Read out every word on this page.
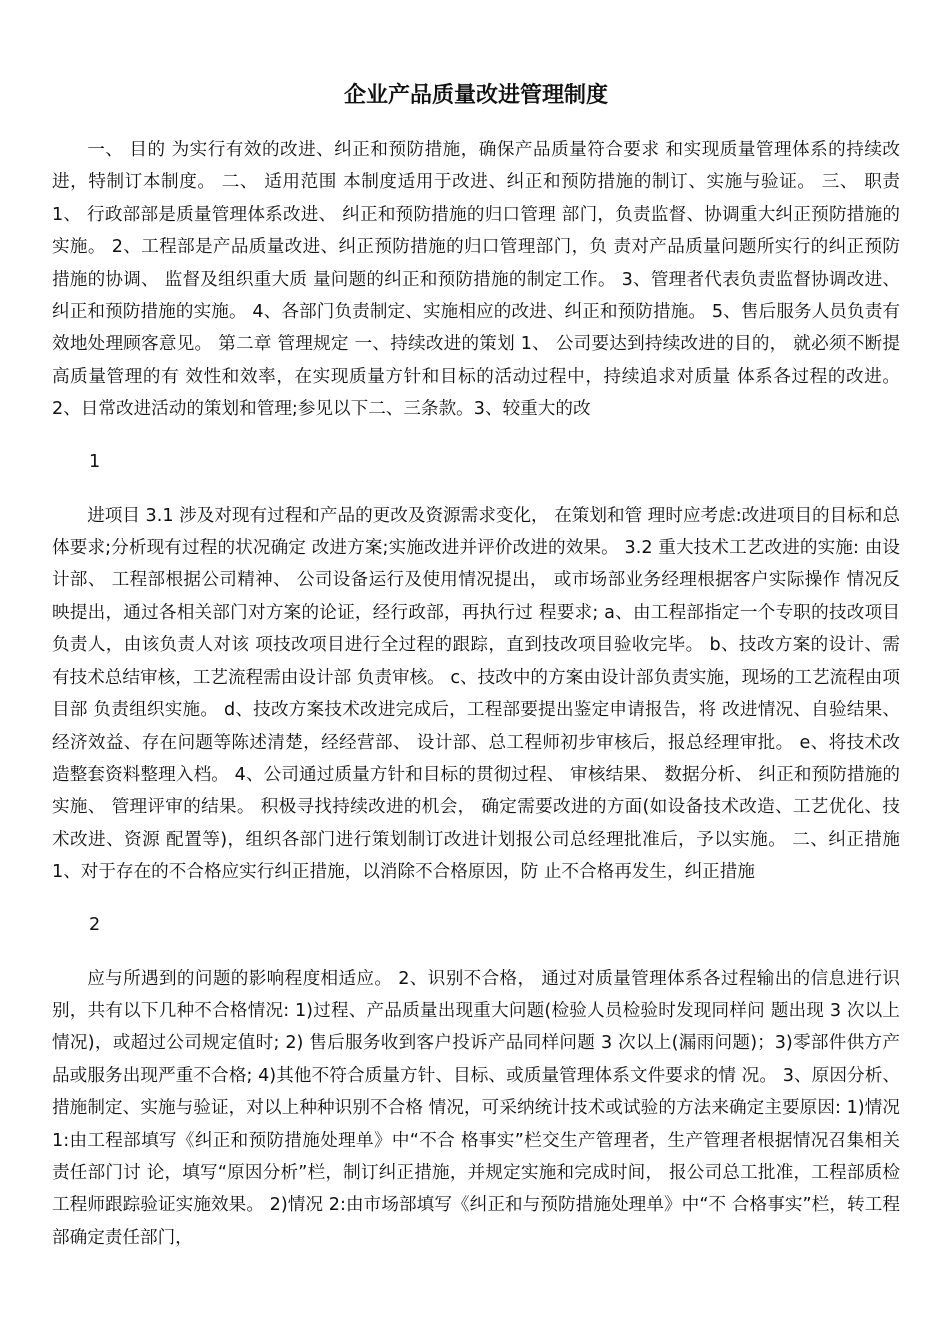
企业产品质量改进管理制度

一、 目的 为实行有效的改进、纠正和预防措施，确保产品质量符合要求 和实现质量管理体系的持续改进，特制订本制度。 二、 适用范围 本制度适用于改进、纠正和预防措施的制订、实施与验证。 三、 职责 1、 行政部部是质量管理体系改进、 纠正和预防措施的归口管理 部门，负责监督、协调重大纠正预防措施的实施。 2、工程部是产品质量改进、纠正预防措施的归口管理部门，负 责对产品质量问题所实行的纠正预防措施的协调、 监督及组织重大质 量问题的纠正和预防措施的制定工作。 3、管理者代表负责监督协调改进、纠正和预防措施的实施。 4、各部门负责制定、实施相应的改进、纠正和预防措施。 5、售后服务人员负责有效地处理顾客意见。 第二章 管理规定 一、持续改进的策划 1、 公司要达到持续改进的目的， 就必须不断提高质量管理的有 效性和效率，在实现质量方针和目标的活动过程中，持续追求对质量 体系各过程的改进。 2、日常改进活动的策划和管理;参见以下二、三条款。3、较重大的改

1

进项目 3.1 涉及对现有过程和产品的更改及资源需求变化， 在策划和管 理时应考虑:改进项目的目标和总体要求;分析现有过程的状况确定 改进方案;实施改进并评价改进的效果。 3.2 重大技术工艺改进的实施: 由设计部、 工程部根据公司精神、 公司设备运行及使用情况提出， 或市场部业务经理根据客户实际操作 情况反映提出，通过各相关部门对方案的论证，经行政部，再执行过 程要求; a、由工程部指定一个专职的技改项目负责人，由该负责人对该 项技改项目进行全过程的跟踪，直到技改项目验收完毕。 b、技改方案的设计、需有技术总结审核，工艺流程需由设计部 负责审核。 c、技改中的方案由设计部负责实施，现场的工艺流程由项目部 负责组织实施。 d、技改方案技术改进完成后，工程部要提出鉴定申请报告，将 改进情况、自验结果、经济效益、存在问题等陈述清楚，经经营部、 设计部、总工程师初步审核后，报总经理审批。 e、将技术改造整套资料整理入档。 4、公司通过质量方针和目标的贯彻过程、 审核结果、 数据分析、 纠正和预防措施的实施、 管理评审的结果。 积极寻找持续改进的机会， 确定需要改进的方面(如设备技术改造、工艺优化、技术改进、资源 配置等)，组织各部门进行策划制订改进计划报公司总经理批准后，予以实施。 二、纠正措施 1、对于存在的不合格应实行纠正措施，以消除不合格原因，防 止不合格再发生，纠正措施

2

应与所遇到的问题的影响程度相适应。 2、识别不合格， 通过对质量管理体系各过程输出的信息进行识 别，共有以下几种不合格情况: 1)过程、产品质量出现重大问题(检验人员检验时发现同样问 题出现 3 次以上情况)，或超过公司规定值时; 2) 售后服务收到客户投诉产品同样问题 3 次以上(漏雨问题)；3)零部件供方产品或服务出现严重不合格; 4)其他不符合质量方针、目标、或质量管理体系文件要求的情 况。 3、原因分析、措施制定、实施与验证，对以上种种识别不合格 情况，可采纳统计技术或试验的方法来确定主要原因: 1)情况 1:由工程部填写《纠正和预防措施处理单》中“不合 格事实”栏交生产管理者，生产管理者根据情况召集相关责任部门讨 论，填写“原因分析”栏，制订纠正措施，并规定实施和完成时间， 报公司总工批准，工程部质检工程师跟踪验证实施效果。 2)情况 2:由市场部填写《纠正和与预防措施处理单》中“不 合格事实”栏，转工程部确定责任部门，
